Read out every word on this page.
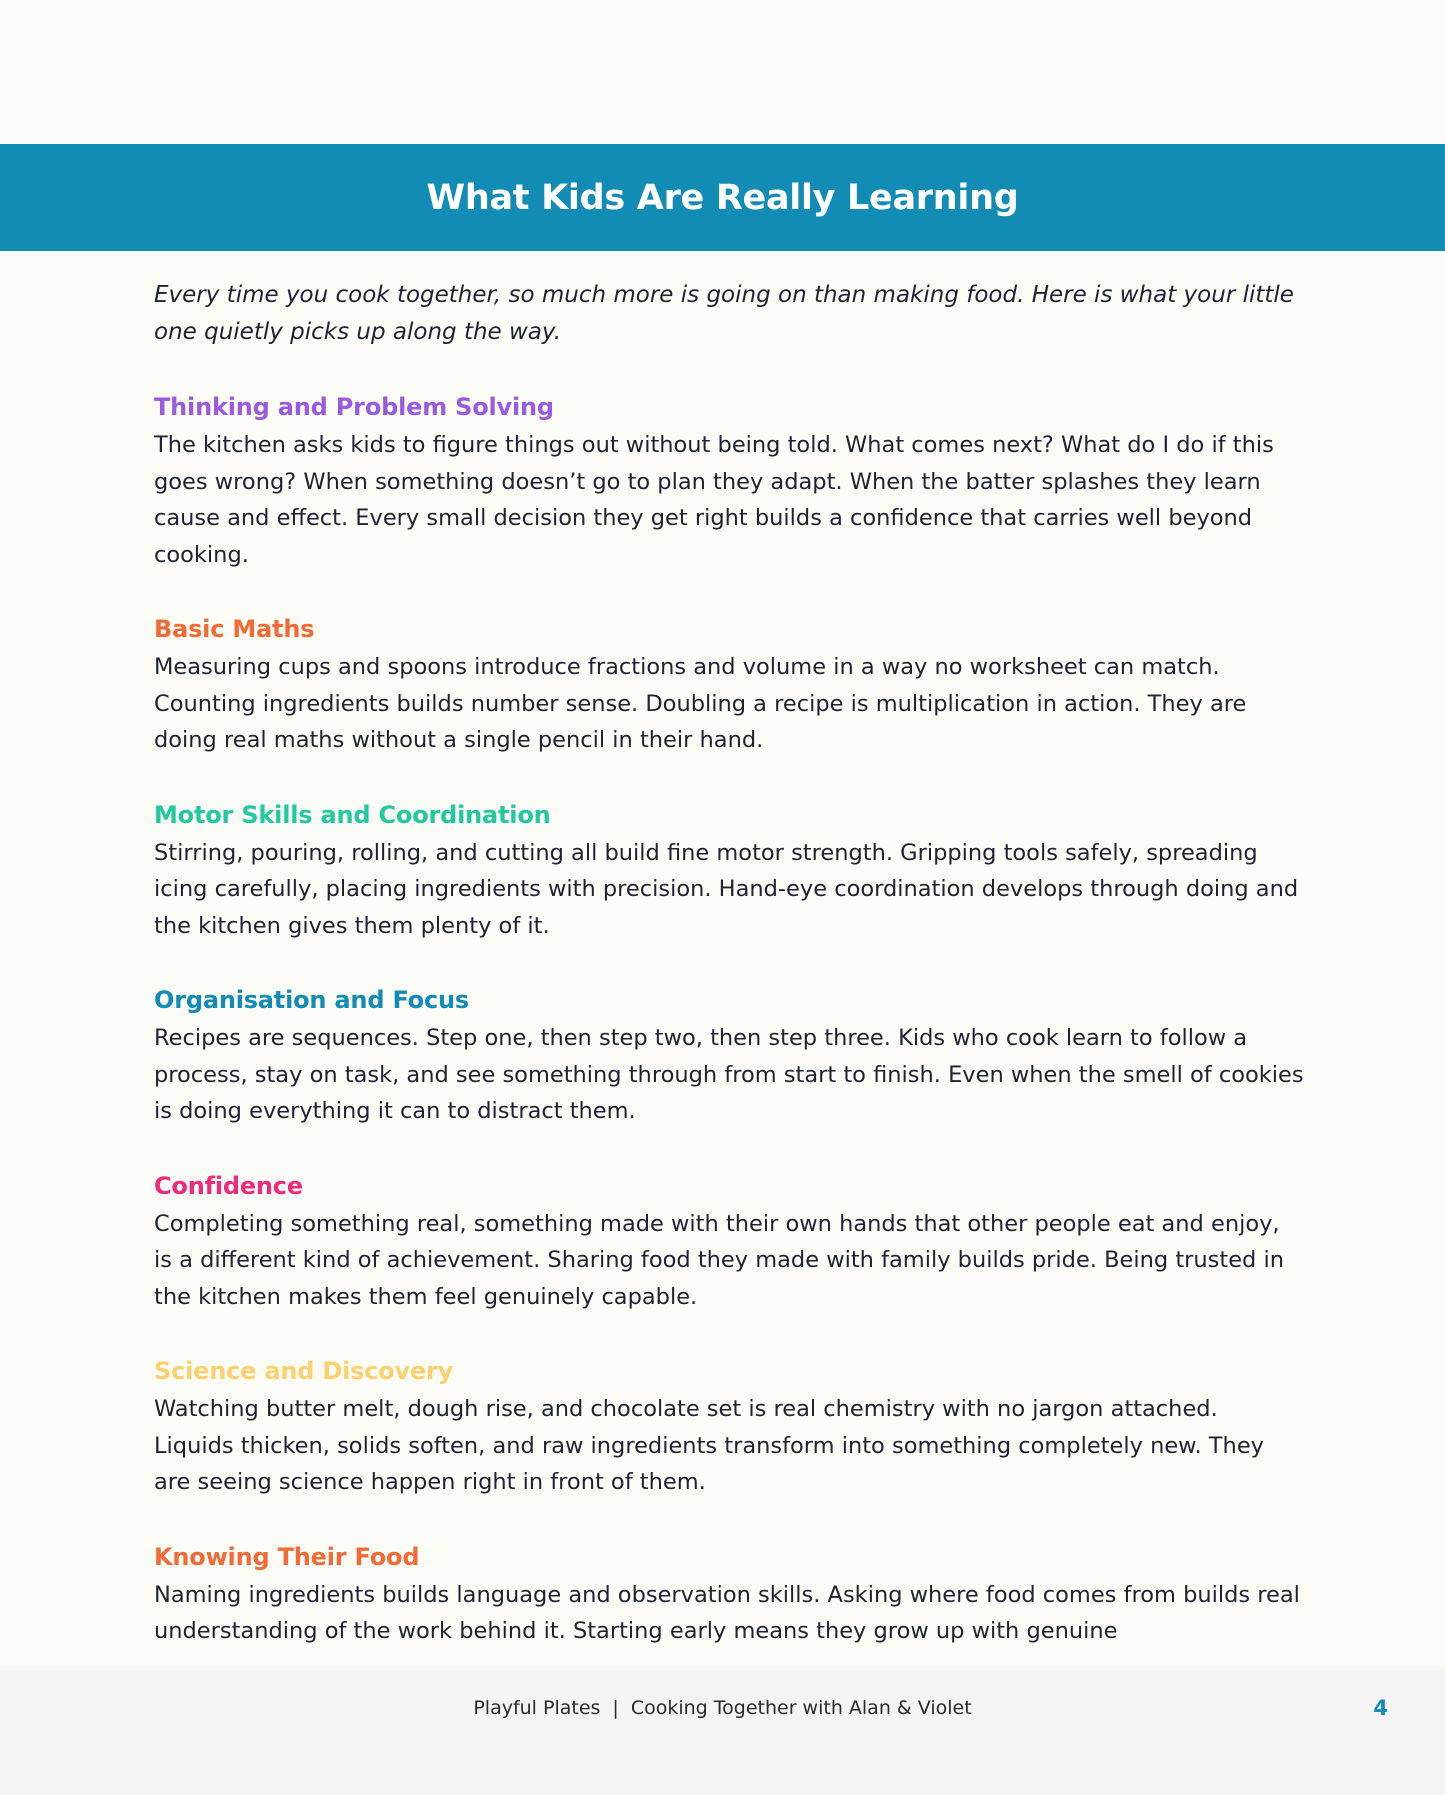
What Kids Are Really Learning

Every time you cook together, so much more is going on than making food. Here is what your little one quietly picks up along the way.

Thinking and Problem Solving

The kitchen asks kids to figure things out without being told. What comes next? What do I do if this goes wrong? When something doesn’t go to plan they adapt. When the batter splashes they learn cause and effect. Every small decision they get right builds a confidence that carries well beyond cooking.

Basic Maths

Measuring cups and spoons introduce fractions and volume in a way no worksheet can match. Counting ingredients builds number sense. Doubling a recipe is multiplication in action. They are doing real maths without a single pencil in their hand.

Motor Skills and Coordination

Stirring, pouring, rolling, and cutting all build fine motor strength. Gripping tools safely, spreading icing carefully, placing ingredients with precision. Hand-eye coordination develops through doing and the kitchen gives them plenty of it.

Organisation and Focus

Recipes are sequences. Step one, then step two, then step three. Kids who cook learn to follow a process, stay on task, and see something through from start to finish. Even when the smell of cookies is doing everything it can to distract them.

Confidence

Completing something real, something made with their own hands that other people eat and enjoy, is a different kind of achievement. Sharing food they made with family builds pride. Being trusted in the kitchen makes them feel genuinely capable.

Science and Discovery

Watching butter melt, dough rise, and chocolate set is real chemistry with no jargon attached. Liquids thicken, solids soften, and raw ingredients transform into something completely new. They are seeing science happen right in front of them.

Knowing Their Food

Naming ingredients builds language and observation skills. Asking where food comes from builds real understanding of the work behind it. Starting early means they grow up with genuine

Playful Plates | Cooking Together with Alan & Violet	4
